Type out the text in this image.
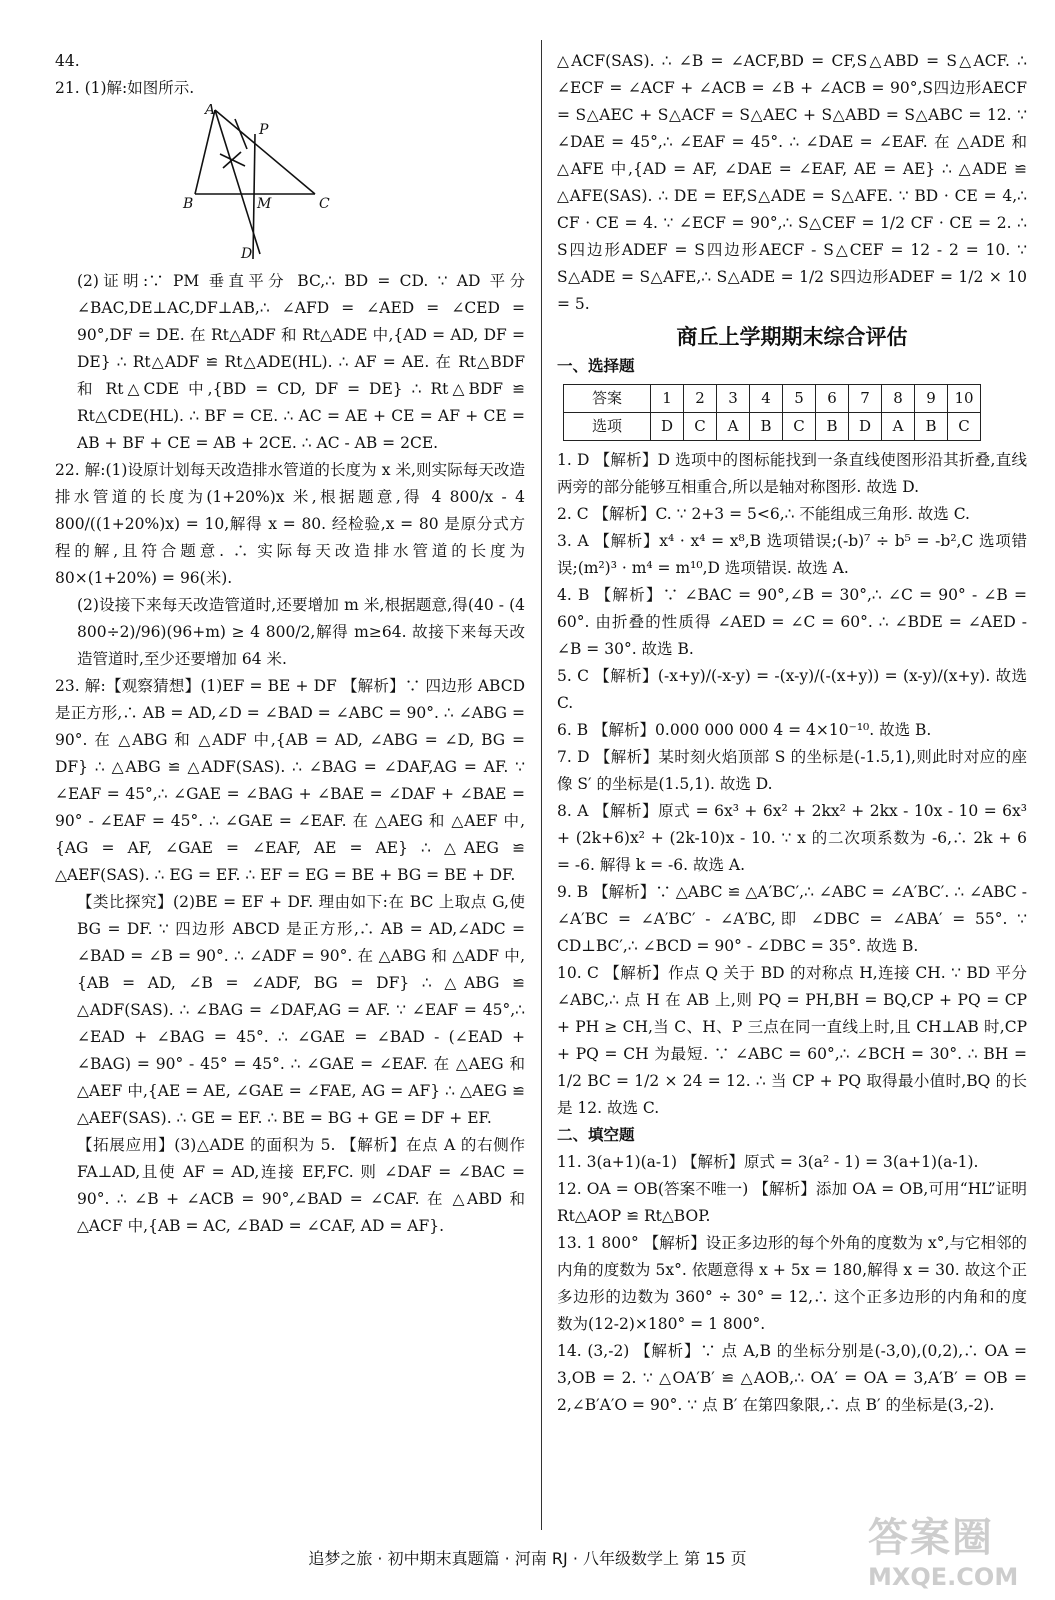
44.

21. (1)解:如图所示.

A
P
B	M	C
D

(2)证明:∵ PM 垂直平分 BC,∴ BD = CD. ∵ AD 平分 ∠BAC,DE⊥AC,DF⊥AB,∴ ∠AFD = ∠AED = ∠CED = 90°,DF = DE. 在 Rt△ADF 和 Rt△ADE 中,{AD = AD, DF = DE} ∴ Rt△ADF ≌ Rt△ADE(HL). ∴ AF = AE. 在 Rt△BDF 和 Rt△CDE 中,{BD = CD, DF = DE} ∴ Rt△BDF ≌ Rt△CDE(HL). ∴ BF = CE. ∴ AC = AE + CE = AF + CE = AB + BF + CE = AB + 2CE. ∴ AC - AB = 2CE.

22. 解:(1)设原计划每天改造排水管道的长度为 x 米,则实际每天改造排水管道的长度为(1+20%)x 米,根据题意,得 4 800/x - 4 800/((1+20%)x) = 10,解得 x = 80. 经检验,x = 80 是原分式方程的解,且符合题意. ∴ 实际每天改造排水管道的长度为 80×(1+20%) = 96(米).

(2)设接下来每天改造管道时,还要增加 m 米,根据题意,得(40 - (4 800÷2)/96)(96+m) ≥ 4 800/2,解得 m≥64. 故接下来每天改造管道时,至少还要增加 64 米.

23. 解:【观察猜想】(1)EF = BE + DF 【解析】∵ 四边形 ABCD 是正方形,∴ AB = AD,∠D = ∠BAD = ∠ABC = 90°. ∴ ∠ABG = 90°. 在 △ABG 和 △ADF 中,{AB = AD, ∠ABG = ∠D, BG = DF} ∴ △ABG ≌ △ADF(SAS). ∴ ∠BAG = ∠DAF,AG = AF. ∵ ∠EAF = 45°,∴ ∠GAE = ∠BAG + ∠BAE = ∠DAF + ∠BAE = 90° - ∠EAF = 45°. ∴ ∠GAE = ∠EAF. 在 △AEG 和 △AEF 中,{AG = AF, ∠GAE = ∠EAF, AE = AE} ∴ △AEG ≌ △AEF(SAS). ∴ EG = EF. ∴ EF = EG = BE + BG = BE + DF.

【类比探究】(2)BE = EF + DF. 理由如下:在 BC 上取点 G,使 BG = DF. ∵ 四边形 ABCD 是正方形,∴ AB = AD,∠ADC = ∠BAD = ∠B = 90°. ∴ ∠ADF = 90°. 在 △ABG 和 △ADF 中,{AB = AD, ∠B = ∠ADF, BG = DF} ∴ △ABG ≌ △ADF(SAS). ∴ ∠BAG = ∠DAF,AG = AF. ∵ ∠EAF = 45°,∴ ∠EAD + ∠BAG = 45°. ∴ ∠GAE = ∠BAD - (∠EAD + ∠BAG) = 90° - 45° = 45°. ∴ ∠GAE = ∠EAF. 在 △AEG 和 △AEF 中,{AE = AE, ∠GAE = ∠FAE, AG = AF} ∴ △AEG ≌ △AEF(SAS). ∴ GE = EF. ∴ BE = BG + GE = DF + EF.

【拓展应用】(3)△ADE 的面积为 5. 【解析】在点 A 的右侧作 FA⊥AD,且使 AF = AD,连接 EF,FC. 则 ∠DAF = ∠BAC = 90°. ∴ ∠B + ∠ACB = 90°,∠BAD = ∠CAF. 在 △ABD 和 △ACF 中,{AB = AC, ∠BAD = ∠CAF, AD = AF}.

△ACF(SAS). ∴ ∠B = ∠ACF,BD = CF,S△ABD = S△ACF. ∴ ∠ECF = ∠ACF + ∠ACB = ∠B + ∠ACB = 90°,S四边形AECF = S△AEC + S△ACF = S△AEC + S△ABD = S△ABC = 12. ∵ ∠DAE = 45°,∴ ∠EAF = 45°. ∴ ∠DAE = ∠EAF. 在 △ADE 和 △AFE 中,{AD = AF, ∠DAE = ∠EAF, AE = AE} ∴ △ADE ≌ △AFE(SAS). ∴ DE = EF,S△ADE = S△AFE. ∵ BD · CE = 4,∴ CF · CE = 4. ∵ ∠ECF = 90°,∴ S△CEF = 1/2 CF · CE = 2. ∴ S四边形ADEF = S四边形AECF - S△CEF = 12 - 2 = 10. ∵ S△ADE = S△AFE,∴ S△ADE = 1/2 S四边形ADEF = 1/2 × 10 = 5.

商丘上学期期末综合评估

一、选择题

答案	1	2	3	4	5	6	7	8	9	10
选项	D	C	A	B	C	B	D	A	B	C

1. D 【解析】D 选项中的图标能找到一条直线使图形沿其折叠,直线两旁的部分能够互相重合,所以是轴对称图形. 故选 D.

2. C 【解析】C. ∵ 2+3 = 5<6,∴ 不能组成三角形. 故选 C.

3. A 【解析】x⁴ · x⁴ = x⁸,B 选项错误;(-b)⁷ ÷ b⁵ = -b²,C 选项错误;(m²)³ · m⁴ = m¹⁰,D 选项错误. 故选 A.

4. B 【解析】∵ ∠BAC = 90°,∠B = 30°,∴ ∠C = 90° - ∠B = 60°. 由折叠的性质得 ∠AED = ∠C = 60°. ∴ ∠BDE = ∠AED - ∠B = 30°. 故选 B.

5. C 【解析】(-x+y)/(-x-y) = -(x-y)/(-(x+y)) = (x-y)/(x+y). 故选 C.

6. B 【解析】0.000 000 000 4 = 4×10⁻¹⁰. 故选 B.

7. D 【解析】某时刻火焰顶部 S 的坐标是(-1.5,1),则此时对应的座像 S′ 的坐标是(1.5,1). 故选 D.

8. A 【解析】原式 = 6x³ + 6x² + 2kx² + 2kx - 10x - 10 = 6x³ + (2k+6)x² + (2k-10)x - 10. ∵ x 的二次项系数为 -6,∴ 2k + 6 = -6. 解得 k = -6. 故选 A.

9. B 【解析】∵ △ABC ≌ △A′BC′,∴ ∠ABC = ∠A′BC′. ∴ ∠ABC - ∠A′BC = ∠A′BC′ - ∠A′BC,即 ∠DBC = ∠ABA′ = 55°. ∵ CD⊥BC′,∴ ∠BCD = 90° - ∠DBC = 35°. 故选 B.

10. C 【解析】作点 Q 关于 BD 的对称点 H,连接 CH. ∵ BD 平分 ∠ABC,∴ 点 H 在 AB 上,则 PQ = PH,BH = BQ,CP + PQ = CP + PH ≥ CH,当 C、H、P 三点在同一直线上时,且 CH⊥AB 时,CP + PQ = CH 为最短. ∵ ∠ABC = 60°,∴ ∠BCH = 30°. ∴ BH = 1/2 BC = 1/2 × 24 = 12. ∴ 当 CP + PQ 取得最小值时,BQ 的长是 12. 故选 C.

二、填空题

11. 3(a+1)(a-1) 【解析】原式 = 3(a² - 1) = 3(a+1)(a-1).

12. OA = OB(答案不唯一) 【解析】添加 OA = OB,可用“HL”证明 Rt△AOP ≌ Rt△BOP.

13. 1 800° 【解析】设正多边形的每个外角的度数为 x°,与它相邻的内角的度数为 5x°. 依题意得 x + 5x = 180,解得 x = 30. 故这个正多边形的边数为 360° ÷ 30° = 12,∴ 这个正多边形的内角和的度数为(12-2)×180° = 1 800°.

14. (3,-2) 【解析】∵ 点 A,B 的坐标分别是(-3,0),(0,2),∴ OA = 3,OB = 2. ∵ △OA′B′ ≌ △AOB,∴ OA′ = OA = 3,A′B′ = OB = 2,∠B′A′O = 90°. ∵ 点 B′ 在第四象限,∴ 点 B′ 的坐标是(3,-2).

答案圈
MXQE.COM
追梦之旅 · 初中期末真题篇 · 河南 RJ · 八年级数学上 第 15 页
